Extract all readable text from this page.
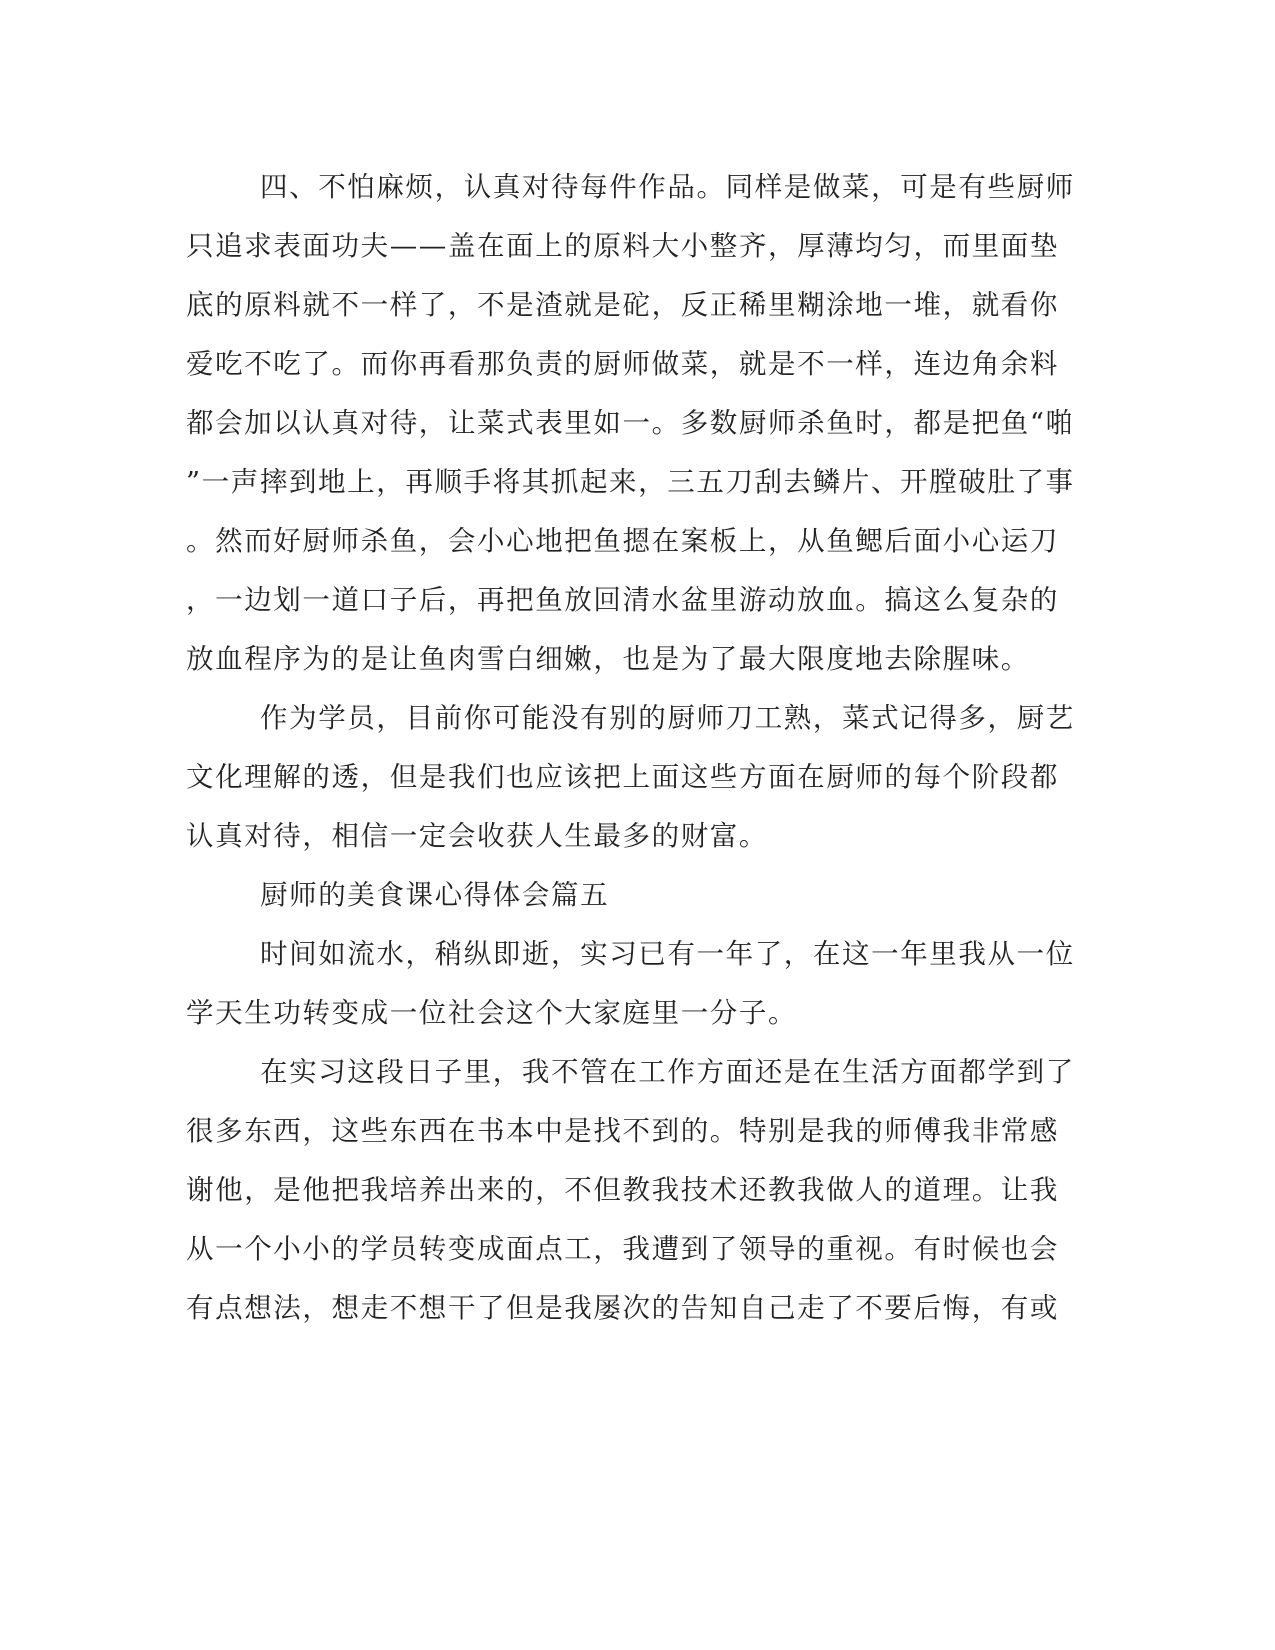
四、不怕麻烦，认真对待每件作品。同样是做菜，可是有些厨师
只追求表面功夫——盖在面上的原料大小整齐，厚薄均匀，而里面垫
底的原料就不一样了，不是渣就是砣，反正稀里糊涂地一堆，就看你
爱吃不吃了。而你再看那负责的厨师做菜，就是不一样，连边角余料
都会加以认真对待，让菜式表里如一。多数厨师杀鱼时，都是把鱼“啪
”一声摔到地上，再顺手将其抓起来，三五刀刮去鳞片、开膛破肚了事
。然而好厨师杀鱼，会小心地把鱼摁在案板上，从鱼鳃后面小心运刀
，一边划一道口子后，再把鱼放回清水盆里游动放血。搞这么复杂的
放血程序为的是让鱼肉雪白细嫩，也是为了最大限度地去除腥味。
作为学员，目前你可能没有别的厨师刀工熟，菜式记得多，厨艺
文化理解的透，但是我们也应该把上面这些方面在厨师的每个阶段都
认真对待，相信一定会收获人生最多的财富。
厨师的美食课心得体会篇五
时间如流水，稍纵即逝，实习已有一年了，在这一年里我从一位
学天生功转变成一位社会这个大家庭里一分子。
在实习这段日子里，我不管在工作方面还是在生活方面都学到了
很多东西，这些东西在书本中是找不到的。特别是我的师傅我非常感
谢他，是他把我培养出来的，不但教我技术还教我做人的道理。让我
从一个小小的学员转变成面点工，我遭到了领导的重视。有时候也会
有点想法，想走不想干了但是我屡次的告知自己走了不要后悔，有或
